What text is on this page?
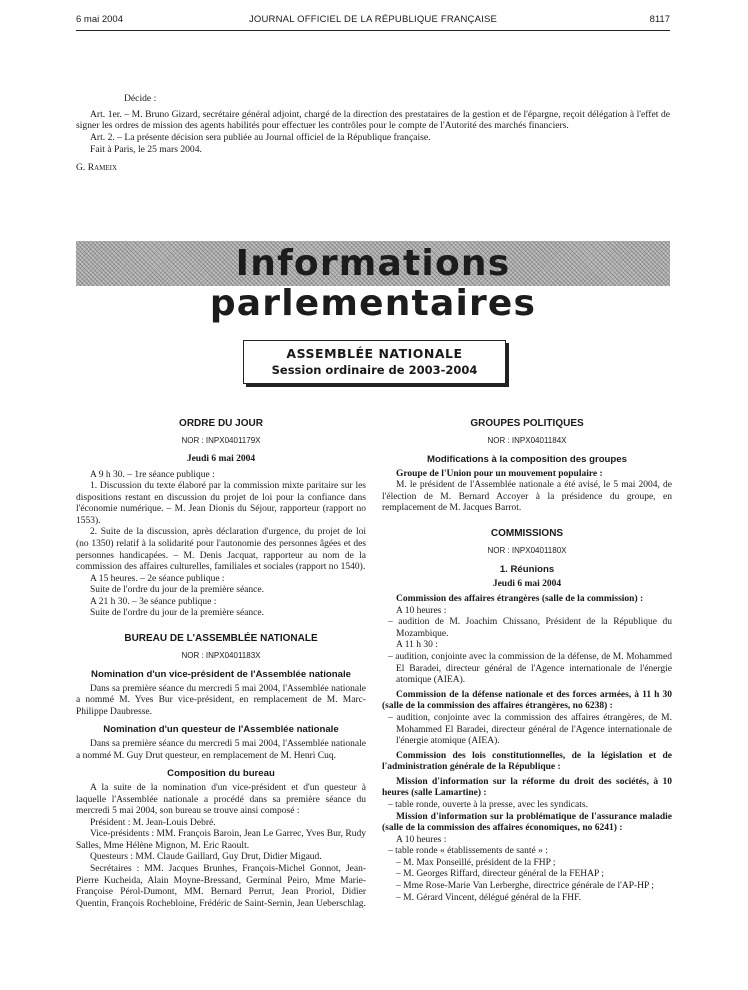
6 mai 2004	JOURNAL OFFICIEL DE LA RÉPUBLIQUE FRANÇAISE	8117

Décide :

Art. 1er. – M. Bruno Gizard, secrétaire général adjoint, chargé de la direction des prestataires de la gestion et de l'épargne, reçoit délégation à l'effet de signer les ordres de mission des agents habilités pour effectuer les contrôles pour le compte de l'Autorité des marchés financiers.

Art. 2. – La présente décision sera publiée au Journal officiel de la République française.

Fait à Paris, le 25 mars 2004.

G. Rameix

Informations parlementaires
ASSEMBLÉE NATIONALE
Session ordinaire de 2003-2004
ORDRE DU JOUR
NOR : INPX0401179X
Jeudi 6 mai 2004

A 9 h 30. – 1re séance publique :

1. Discussion du texte élaboré par la commission mixte paritaire sur les dispositions restant en discussion du projet de loi pour la confiance dans l'économie numérique. – M. Jean Dionis du Séjour, rapporteur (rapport no 1553).

2. Suite de la discussion, après déclaration d'urgence, du projet de loi (no 1350) relatif à la solidarité pour l'autonomie des personnes âgées et des personnes handicapées. – M. Denis Jacquat, rapporteur au nom de la commission des affaires culturelles, familiales et sociales (rapport no 1540).

A 15 heures. – 2e séance publique :

Suite de l'ordre du jour de la première séance.

A 21 h 30. – 3e séance publique :

Suite de l'ordre du jour de la première séance.

BUREAU DE L'ASSEMBLÉE NATIONALE
NOR : INPX0401183X
Nomination d'un vice-président de l'Assemblée nationale

Dans sa première séance du mercredi 5 mai 2004, l'Assemblée nationale a nommé M. Yves Bur vice-président, en remplacement de M. Marc-Philippe Daubresse.

Nomination d'un questeur de l'Assemblée nationale

Dans sa première séance du mercredi 5 mai 2004, l'Assemblée nationale a nommé M. Guy Drut questeur, en remplacement de M. Henri Cuq.

Composition du bureau

A la suite de la nomination d'un vice-président et d'un questeur à laquelle l'Assemblée nationale a procédé dans sa première séance du mercredi 5 mai 2004, son bureau se trouve ainsi composé :

Président : M. Jean-Louis Debré.

Vice-présidents : MM. François Baroin, Jean Le Garrec, Yves Bur, Rudy Salles, Mme Hélène Mignon, M. Eric Raoult.

Questeurs : MM. Claude Gaillard, Guy Drut, Didier Migaud.

Secrétaires : MM. Jacques Brunhes, François-Michel Gonnot, Jean-Pierre Kucheida, Alain Moyne-Bressand, Germinal Peiro, Mme Marie-Françoise Pérol-Dumont, MM. Bernard Perrut, Jean Proriol, Didier Quentin, François Rochebloine, Frédéric de Saint-Sernin, Jean Ueberschlag.

GROUPES POLITIQUES
NOR : INPX0401184X
Modifications à la composition des groupes

Groupe de l'Union pour un mouvement populaire :

M. le président de l'Assemblée nationale a été avisé, le 5 mai 2004, de l'élection de M. Bernard Accoyer à la présidence du groupe, en remplacement de M. Jacques Barrot.

COMMISSIONS
NOR : INPX0401180X
1. Réunions
Jeudi 6 mai 2004

Commission des affaires étrangères (salle de la commission) :

A 10 heures :

– audition de M. Joachim Chissano, Président de la République du Mozambique.

A 11 h 30 :

– audition, conjointe avec la commission de la défense, de M. Mohammed El Baradei, directeur général de l'Agence internationale de l'énergie atomique (AIEA).

Commission de la défense nationale et des forces armées, à 11 h 30 (salle de la commission des affaires étrangères, no 6238) :

– audition, conjointe avec la commission des affaires étrangères, de M. Mohammed El Baradei, directeur général de l'Agence internationale de l'énergie atomique (AIEA).

Commission des lois constitutionnelles, de la législation et de l'administration générale de la République :

Mission d'information sur la réforme du droit des sociétés, à 10 heures (salle Lamartine) :

– table ronde, ouverte à la presse, avec les syndicats.

Mission d'information sur la problématique de l'assurance maladie (salle de la commission des affaires économiques, no 6241) :

A 10 heures :

– table ronde « établissements de santé » :

– M. Max Ponseillé, président de la FHP ;

– M. Georges Riffard, directeur général de la FEHAP ;

– Mme Rose-Marie Van Lerberghe, directrice générale de l'AP-HP ;

– M. Gérard Vincent, délégué général de la FHF.
